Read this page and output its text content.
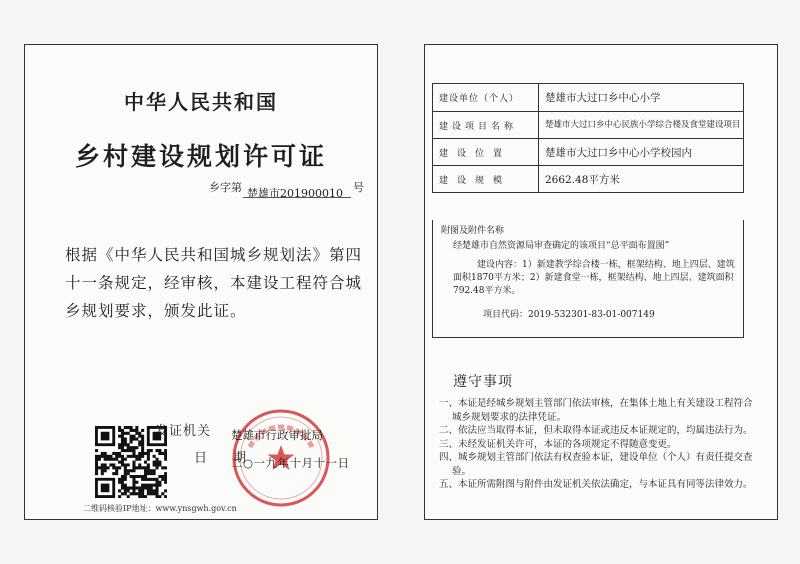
中华人民共和国
乡村建设规划许可证
乡字第 楚雄市201900010 号
根据《中华人民共和国城乡规划法》第四十一条规定，经审核，本建设工程符合城乡规划要求，颁发此证。
二维码核验IP地址：www.ynsgwh.gov.cn
发证机关
日　　期
楚雄市行政审批局
二○一九年十月十一日
建设单位（个人）	楚雄市大过口乡中心小学
建设项目名称	楚雄市大过口乡中心民族小学综合楼及食堂建设项目
建设位置	楚雄市大过口乡中心小学校园内
建设规模	2662.48平方米
附图及附件名称
经楚雄市自然资源局审查确定的该项目“总平面布置图”
建设内容：1）新建教学综合楼一栋，框架结构、地上四层、建筑面积1870平方米；2）新建食堂一栋，框架结构、地上四层、建筑面积792.48平方米。
项目代码：2019-532301-83-01-007149
遵守事项
一、本证是经城乡规划主管部门依法审核，在集体土地上有关建设工程符合城乡规划要求的法律凭证。
二、依法应当取得本证，但未取得本证或违反本证规定的，均属违法行为。
三、未经发证机关许可，本证的各项规定不得随意变更。
四、城乡规划主管部门依法有权查验本证，建设单位（个人）有责任提交查验。
五、本证所需附图与附件由发证机关依法确定，与本证具有同等法律效力。
